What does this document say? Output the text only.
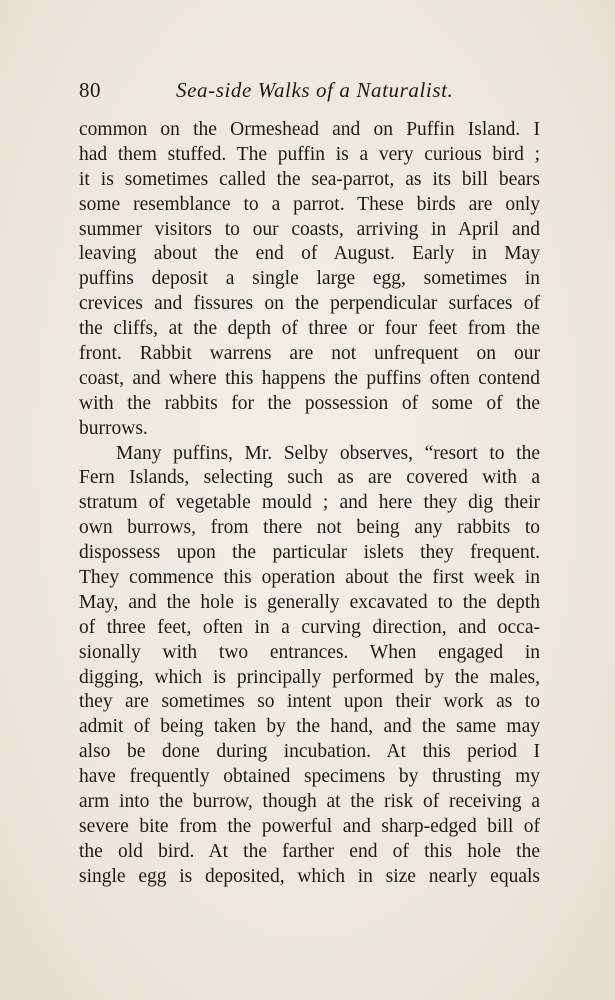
80	Sea-side Walks of a Naturalist.
common on the Ormeshead and on Puffin Island. I
had them stuffed. The puffin is a very curious bird ;
it is sometimes called the sea-parrot, as its bill bears
some resemblance to a parrot. These birds are only
summer visitors to our coasts, arriving in April and
leaving about the end of August. Early in May
puffins deposit a single large egg, sometimes in
crevices and fissures on the perpendicular surfaces of
the cliffs, at the depth of three or four feet from the
front. Rabbit warrens are not unfrequent on our
coast, and where this happens the puffins often contend
with the rabbits for the possession of some of the
burrows.
Many puffins, Mr. Selby observes, “resort to the
Fern Islands, selecting such as are covered with a
stratum of vegetable mould ; and here they dig their
own burrows, from there not being any rabbits to
dispossess upon the particular islets they frequent.
They commence this operation about the first week in
May, and the hole is generally excavated to the depth
of three feet, often in a curving direction, and occa-
sionally with two entrances. When engaged in
digging, which is principally performed by the males,
they are sometimes so intent upon their work as to
admit of being taken by the hand, and the same may
also be done during incubation. At this period I
have frequently obtained specimens by thrusting my
arm into the burrow, though at the risk of receiving a
severe bite from the powerful and sharp-edged bill of
the old bird. At the farther end of this hole the
single egg is deposited, which in size nearly equals
